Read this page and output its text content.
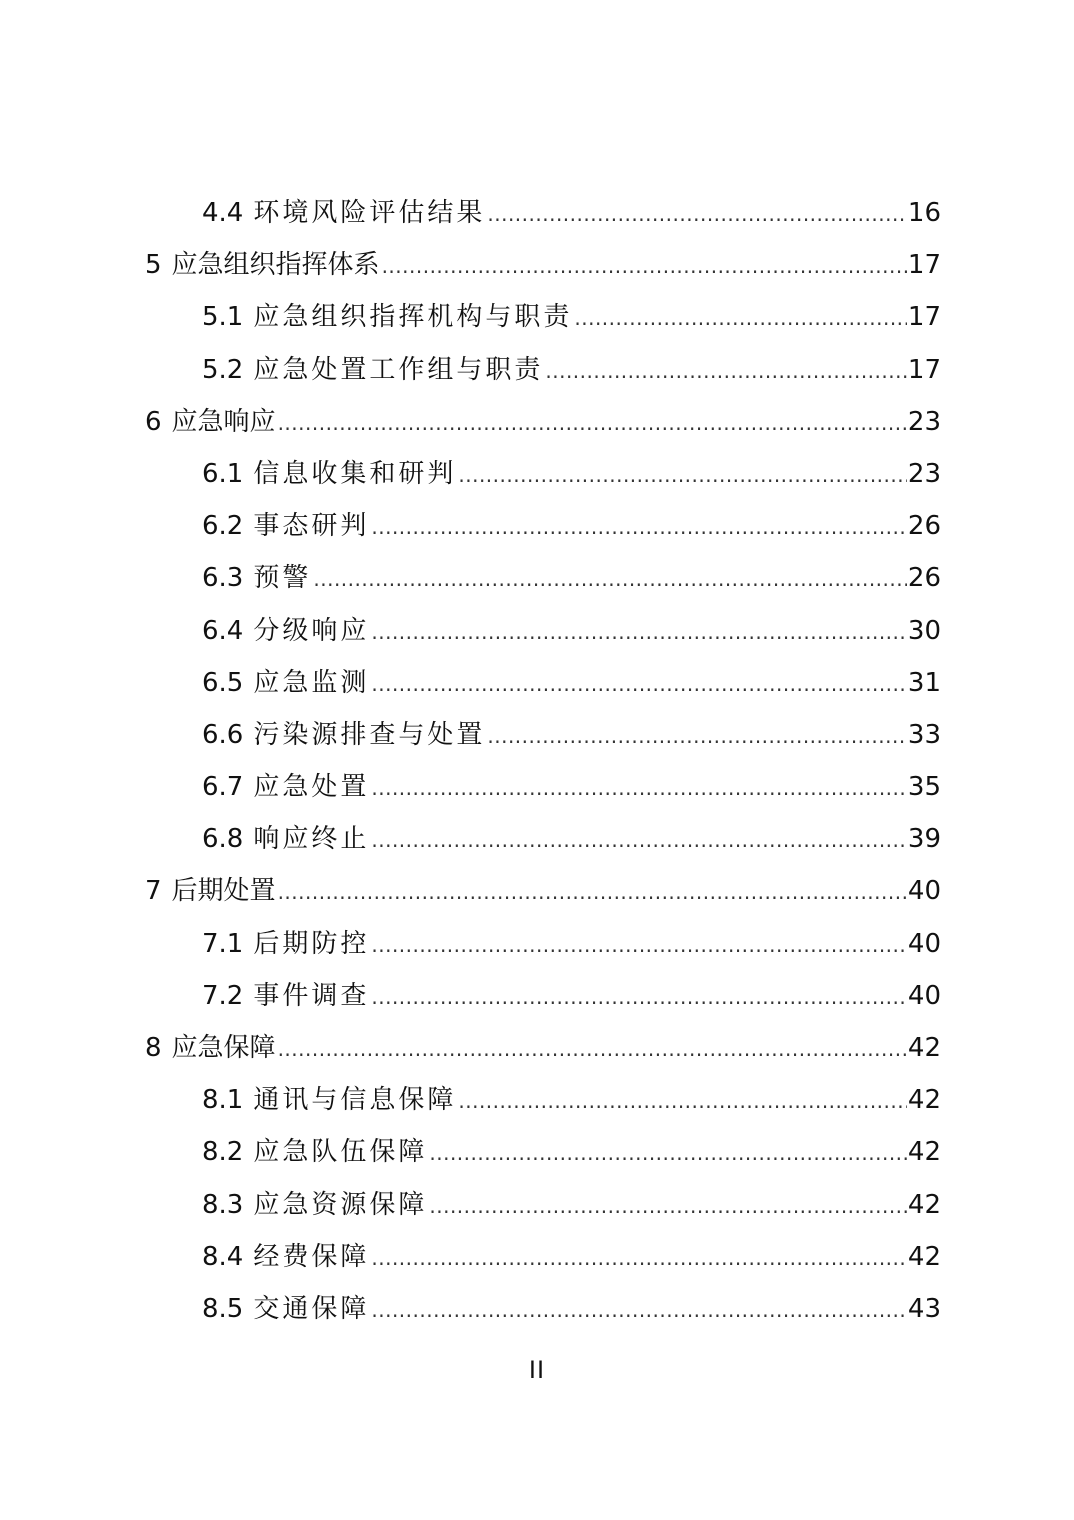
4.4 环境风险评估结果 .....	16
5 应急组织指挥体系 .....	17
5.1 应急组织指挥机构与职责 .....	17
5.2 应急处置工作组与职责 .....	17
6 应急响应 .....	23
6.1 信息收集和研判 .....	23
6.2 事态研判 .....	26
6.3 预警 .....	26
6.4 分级响应 .....	30
6.5 应急监测 .....	31
6.6 污染源排查与处置 .....	33
6.7 应急处置 .....	35
6.8 响应终止 .....	39
7 后期处置 .....	40
7.1 后期防控 .....	40
7.2 事件调查 .....	40
8 应急保障 .....	42
8.1 通讯与信息保障 .....	42
8.2 应急队伍保障 .....	42
8.3 应急资源保障 .....	42
8.4 经费保障 .....	42
8.5 交通保障 .....	43
II
